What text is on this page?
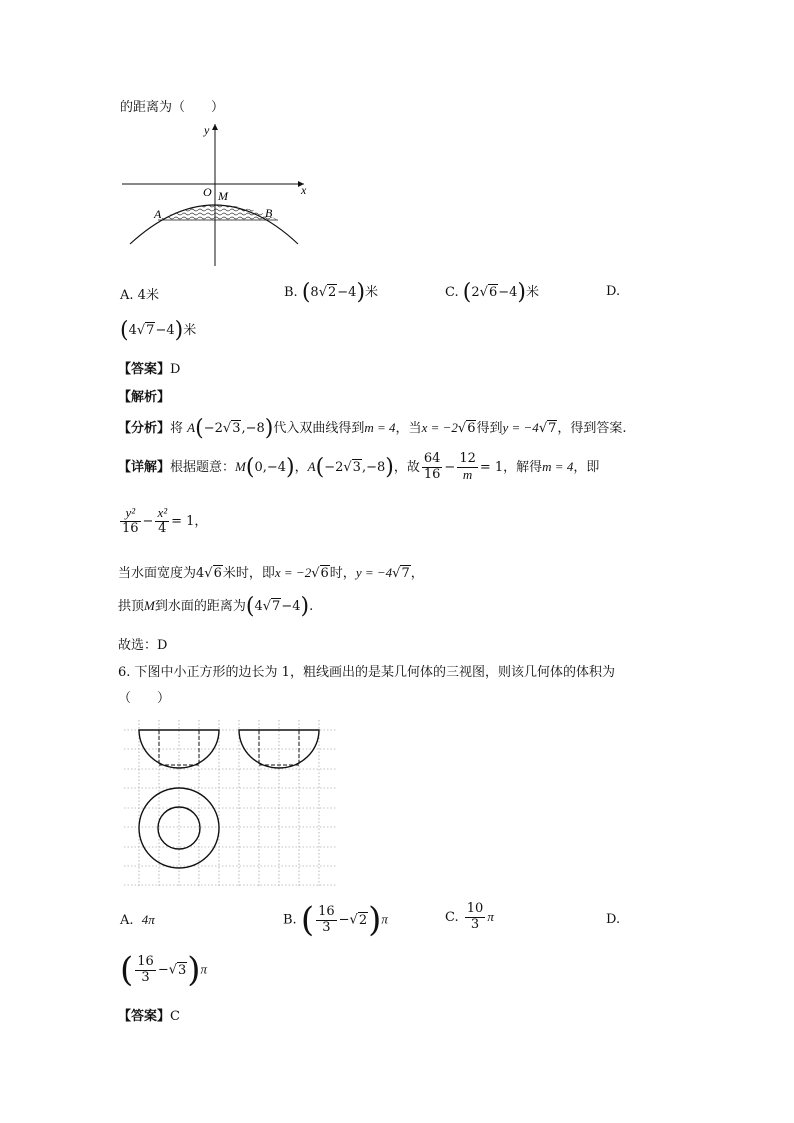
的距离为（　　）
y
x
O M
A	B
A. 4米	B. (8√2−4)米	C. (2√6−4)米	D.
(4√7−4)米
【答案】D
【解析】
【分析】将 A(−2√3,−8)代入双曲线得到m = 4，当x = −2√6得到y = −4√7，得到答案.
【详解】根据题意：M(0,−4)，A(−2√3,−8)，故 $\frac{64}{16} - \frac{12}{m} = 1$，解得m = 4，即
$\frac{\text{y²}}{16} - \frac{\text{x²}}{4} = 1$，
当水面宽度为4√6米时，即x = −2√6时，y = −4√7，
拱顶M到水面的距离为(4√7−4).
故选：D
6. 下图中小正方形的边长为 1，粗线画出的是某几何体的三视图，则该几何体的体积为
（　　）
A. 4π	B. ( $\frac{16}{3} -√2)\pi$	C. $\frac{10}{3}$ π	D.
( $\frac{16}{3} -√3)\pi$
【答案】C
